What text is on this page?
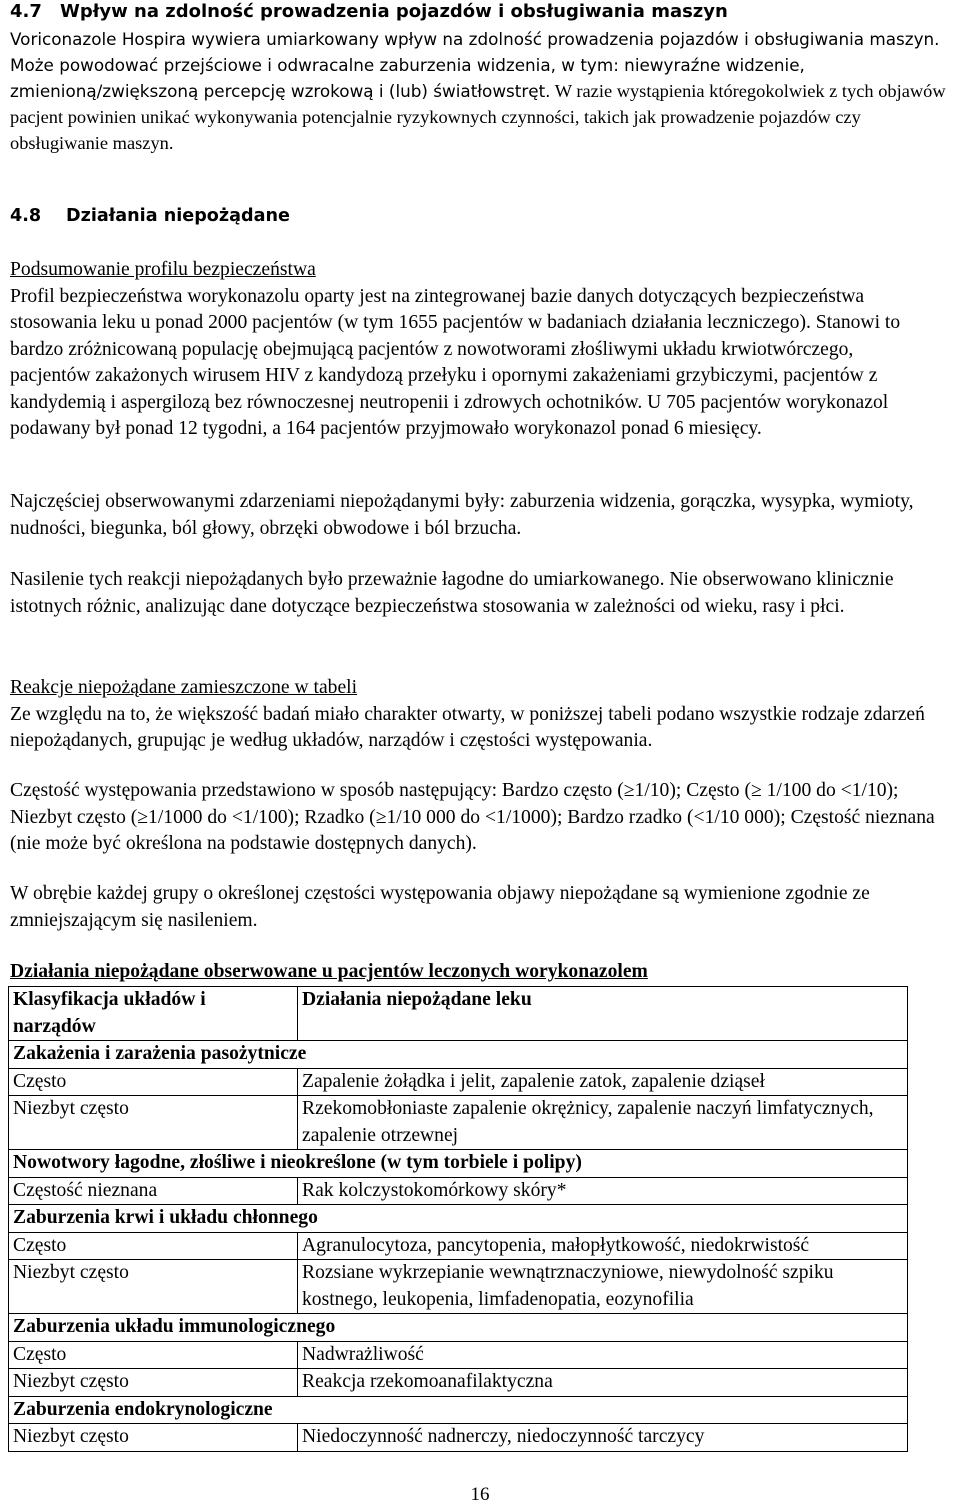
4.7 Wpływ na zdolność prowadzenia pojazdów i obsługiwania maszyn
Voriconazole Hospira wywiera umiarkowany wpływ na zdolność prowadzenia pojazdów i obsługiwania maszyn. Może powodować przejściowe i odwracalne zaburzenia widzenia, w tym: niewyraźne widzenie, zmienioną/zwiększoną percepcję wzrokową i (lub) światłowstręt. W razie wystąpienia któregokolwiek z tych objawów pacjent powinien unikać wykonywania potencjalnie ryzykownych czynności, takich jak prowadzenie pojazdów czy obsługiwanie maszyn.
4.8 Działania niepożądane
Podsumowanie profilu bezpieczeństwa
Profil bezpieczeństwa worykonazolu oparty jest na zintegrowanej bazie danych dotyczących bezpieczeństwa stosowania leku u ponad 2000 pacjentów (w tym 1655 pacjentów w badaniach działania leczniczego). Stanowi to bardzo zróżnicowaną populację obejmującą pacjentów z nowotworami złośliwymi układu krwiotwórczego, pacjentów zakażonych wirusem HIV z kandydozą przełyku i opornymi zakażeniami grzybiczymi, pacjentów z kandydemią i aspergilozą bez równoczesnej neutropenii i zdrowych ochotników. U 705 pacjentów worykonazol podawany był ponad 12 tygodni, a 164 pacjentów przyjmowało worykonazol ponad 6 miesięcy.
Najczęściej obserwowanymi zdarzeniami niepożądanymi były: zaburzenia widzenia, gorączka, wysypka, wymioty, nudności, biegunka, ból głowy, obrzęki obwodowe i ból brzucha.
Nasilenie tych reakcji niepożądanych było przeważnie łagodne do umiarkowanego. Nie obserwowano klinicznie istotnych różnic, analizując dane dotyczące bezpieczeństwa stosowania w zależności od wieku, rasy i płci.
Reakcje niepożądane zamieszczone w tabeli
Ze względu na to, że większość badań miało charakter otwarty, w poniższej tabeli podano wszystkie rodzaje zdarzeń niepożądanych, grupując je według układów, narządów i częstości występowania.
Częstość występowania przedstawiono w sposób następujący: Bardzo często (≥1/10); Często (≥ 1/100 do <1/10); Niezbyt często (≥1/1000 do <1/100); Rzadko (≥1/10 000 do <1/1000); Bardzo rzadko (<1/10 000); Częstość nieznana (nie może być określona na podstawie dostępnych danych).
W obrębie każdej grupy o określonej częstości występowania objawy niepożądane są wymienione zgodnie ze zmniejszającym się nasileniem.
Działania niepożądane obserwowane u pacjentów leczonych worykonazolem
Klasyfikacja układów i narządów	Działania niepożądane leku
Zakażenia i zarażenia pasożytnicze	
Często	Zapalenie żołądka i jelit, zapalenie zatok, zapalenie dziąseł
Niezbyt często	Rzekomobłoniaste zapalenie okrężnicy, zapalenie naczyń limfatycznych, zapalenie otrzewnej
Nowotwory łagodne, złośliwe i nieokreślone (w tym torbiele i polipy)	
Częstość nieznana	Rak kolczystokomórkowy skóry*
Zaburzenia krwi i układu chłonnego	
Często	Agranulocytoza, pancytopenia, małopłytkowość, niedokrwistość
Niezbyt często	Rozsiane wykrzepianie wewnątrznaczyniowe, niewydolność szpiku kostnego, leukopenia, limfadenopatia, eozynofilia
Zaburzenia układu immunologicznego	
Często	Nadwrażliwość
Niezbyt często	Reakcja rzekomoanafilaktyczna
Zaburzenia endokrynologiczne	
Niezbyt często	Niedoczynność nadnerczy, niedoczynność tarczycy
16
